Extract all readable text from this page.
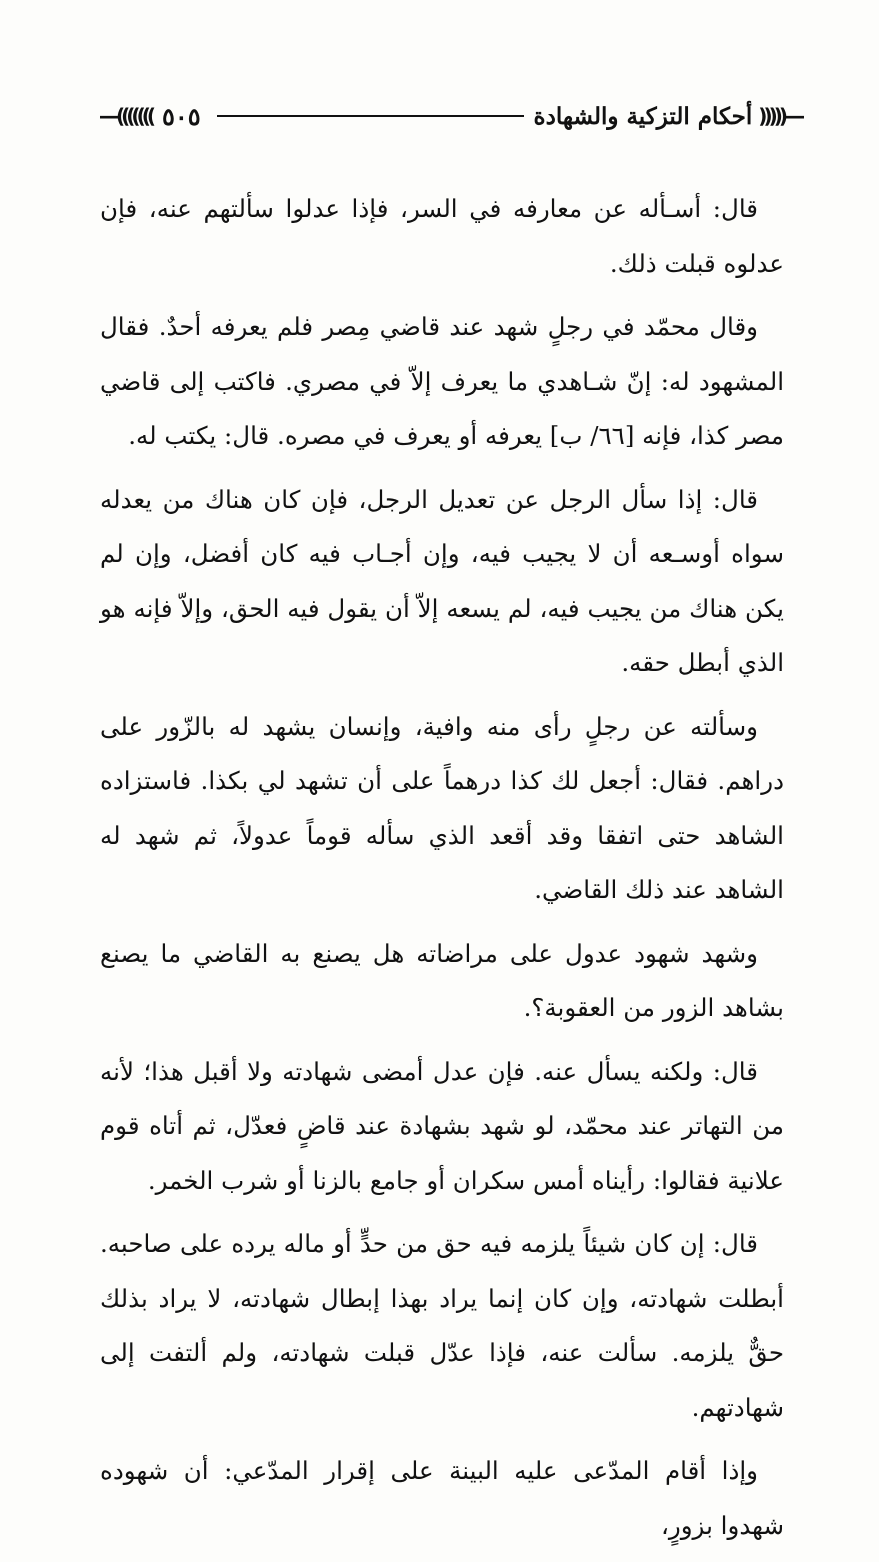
―((((((( ٥٠٥	أحكام التزكية والشهادة )))))―

قال: أسـأله عن معارفه في السر، فإذا عدلوا سألتهم عنه، فإن عدلوه قبلت ذلك.

وقال محمّد في رجلٍ شهد عند قاضي مِصر فلم يعرفه أحدٌ. فقال المشهود له: إنّ شـاهدي ما يعرف إلاّ في مصري. فاكتب إلى قاضي مصر كذا، فإنه [٦٦/ ب] يعرفه أو يعرف في مصره. قال: يكتب له.

قال: إذا سأل الرجل عن تعديل الرجل، فإن كان هناك من يعدله سواه أوسـعه أن لا يجيب فيه، وإن أجـاب فيه كان أفضل، وإن لم يكن هناك من يجيب فيه، لم يسعه إلاّ أن يقول فيه الحق، وإلاّ فإنه هو الذي أبطل حقه.

وسألته عن رجلٍ رأى منه وافية، وإنسان يشهد له بالزّور على دراهم. فقال: أجعل لك كذا درهماً على أن تشهد لي بكذا. فاستزاده الشاهد حتى اتفقا وقد أقعد الذي سأله قوماً عدولاً، ثم شهد له الشاهد عند ذلك القاضي.

وشهد شهود عدول على مراضاته هل يصنع به القاضي ما يصنع بشاهد الزور من العقوبة؟.

قال: ولكنه يسأل عنه. فإن عدل أمضى شهادته ولا أقبل هذا؛ لأنه من التهاتر عند محمّد، لو شهد بشهادة عند قاضٍ فعدّل، ثم أتاه قوم علانية فقالوا: رأيناه أمس سكران أو جامع بالزنا أو شرب الخمر.

قال: إن كان شيئاً يلزمه فيه حق من حدٍّ أو ماله يرده على صاحبه. أبطلت شهادته، وإن كان إنما يراد بهذا إبطال شهادته، لا يراد بذلك حقٌّ يلزمه. سألت عنه، فإذا عدّل قبلت شهادته، ولم ألتفت إلى شهادتهم.

وإذا أقام المدّعى عليه البينة على إقرار المدّعي: أن شهوده شهدوا بزورٍ،
